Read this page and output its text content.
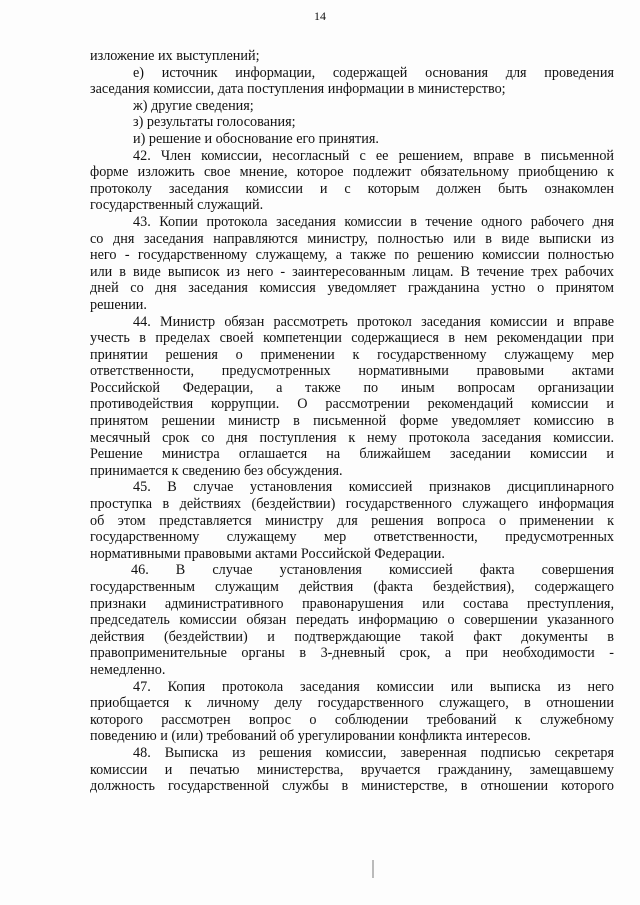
14
изложение их выступлений;
е) источник информации, содержащей основания для проведения
заседания комиссии, дата поступления информации в министерство;
ж) другие сведения;
з) результаты голосования;
и) решение и обоснование его принятия.
42. Член комиссии, несогласный с ее решением, вправе в письменной
форме изложить свое мнение, которое подлежит обязательному приобщению к
протоколу заседания комиссии и с которым должен быть ознакомлен
государственный служащий.
43. Копии протокола заседания комиссии в течение одного рабочего дня
со дня заседания направляются министру, полностью или в виде выписки из
него - государственному служащему, а также по решению комиссии полностью
или в виде выписок из него - заинтересованным лицам. В течение трех рабочих
дней со дня заседания комиссия уведомляет гражданина устно о принятом
решении.
44. Министр обязан рассмотреть протокол заседания комиссии и вправе
учесть в пределах своей компетенции содержащиеся в нем рекомендации при
принятии решения о применении к государственному служащему мер
ответственности, предусмотренных нормативными правовыми актами
Российской Федерации, а также по иным вопросам организации
противодействия коррупции. О рассмотрении рекомендаций комиссии и
принятом решении министр в письменной форме уведомляет комиссию в
месячный срок со дня поступления к нему протокола заседания комиссии.
Решение министра оглашается на ближайшем заседании комиссии и
принимается к сведению без обсуждения.
45. В случае установления комиссией признаков дисциплинарного
проступка в действиях (бездействии) государственного служащего информация
об этом представляется министру для решения вопроса о применении к
государственному служащему мер ответственности, предусмотренных
нормативными правовыми актами Российской Федерации.
46. В случае установления комиссией факта совершения
государственным служащим действия (факта бездействия), содержащего
признаки административного правонарушения или состава преступления,
председатель комиссии обязан передать информацию о совершении указанного
действия (бездействии) и подтверждающие такой факт документы в
правоприменительные органы в 3-дневный срок, а при необходимости -
немедленно.
47. Копия протокола заседания комиссии или выписка из него
приобщается к личному делу государственного служащего, в отношении
которого рассмотрен вопрос о соблюдении требований к служебному
поведению и (или) требований об урегулировании конфликта интересов.
48. Выписка из решения комиссии, заверенная подписью секретаря
комиссии и печатью министерства, вручается гражданину, замещавшему
должность государственной службы в министерстве, в отношении которого
